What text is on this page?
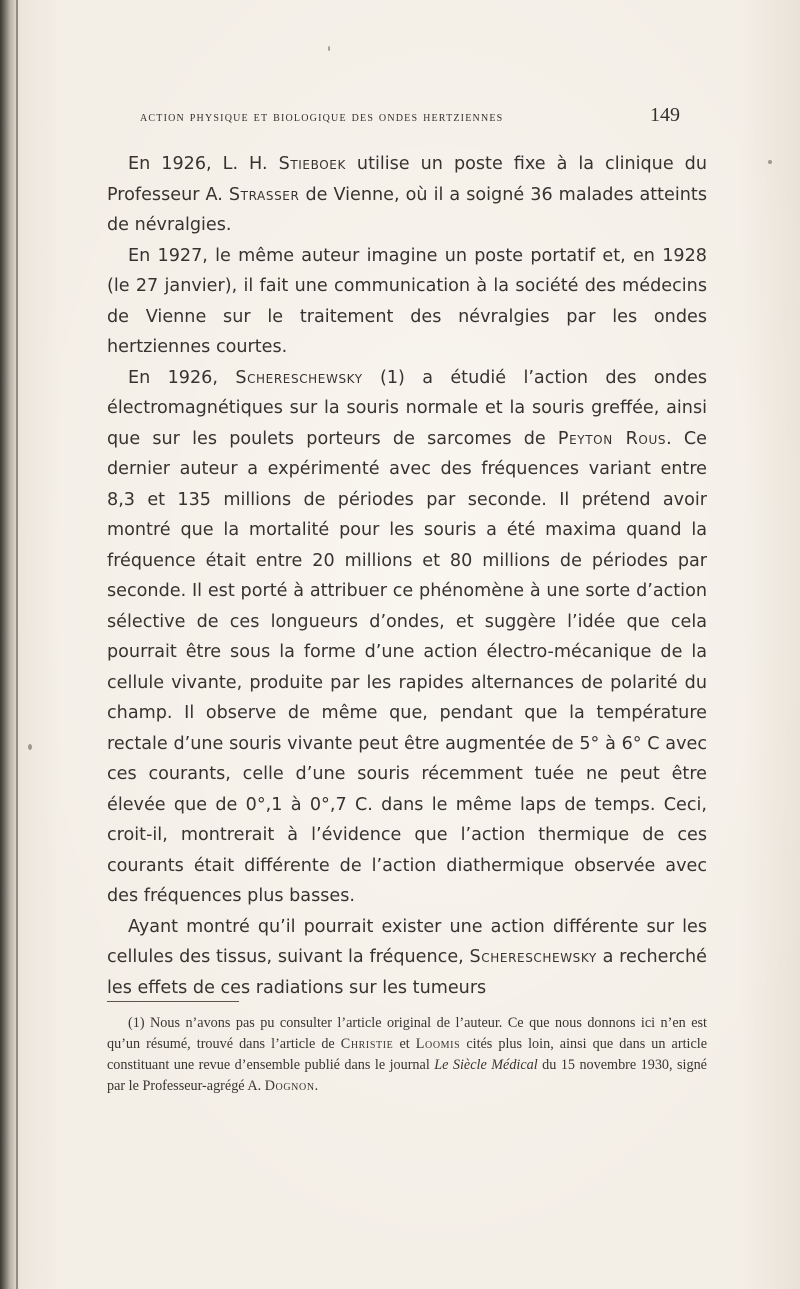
action physique et biologique des ondes hertziennes	149

En 1926, L. H. Stieboek utilise un poste fixe à la clinique du Professeur A. Strasser de Vienne, où il a soigné 36 malades atteints de névralgies.

En 1927, le même auteur imagine un poste portatif et, en 1928 (le 27 janvier), il fait une communication à la société des médecins de Vienne sur le traitement des névralgies par les ondes hertziennes courtes.

En 1926, Schereschewsky (1) a étudié l’action des ondes électromagnétiques sur la souris normale et la souris greffée, ainsi que sur les poulets porteurs de sarcomes de Peyton Rous. Ce dernier auteur a expérimenté avec des fréquences variant entre 8,3 et 135 millions de périodes par seconde. Il prétend avoir montré que la mortalité pour les souris a été maxima quand la fréquence était entre 20 millions et 80 millions de périodes par seconde. Il est porté à attribuer ce phénomène à une sorte d’action sélective de ces longueurs d’ondes, et suggère l’idée que cela pourrait être sous la forme d’une action électro-mécanique de la cellule vivante, produite par les rapides alternances de polarité du champ. Il observe de même que, pendant que la température rectale d’une souris vivante peut être augmentée de 5° à 6° C avec ces courants, celle d’une souris récemment tuée ne peut être élevée que de 0°,1 à 0°,7 C. dans le même laps de temps. Ceci, croit-il, montrerait à l’évidence que l’action thermique de ces courants était différente de l’action diathermique observée avec des fréquences plus basses.

Ayant montré qu’il pourrait exister une action différente sur les cellules des tissus, suivant la fréquence, Schereschewsky a recherché les effets de ces radiations sur les tumeurs

(1) Nous n’avons pas pu consulter l’article original de l’auteur. Ce que nous donnons ici n’en est qu’un résumé, trouvé dans l’article de Christie et Loomis cités plus loin, ainsi que dans un article constituant une revue d’ensemble publié dans le journal Le Siècle Médical du 15 novembre 1930, signé par le Professeur-agrégé A. Dognon.
